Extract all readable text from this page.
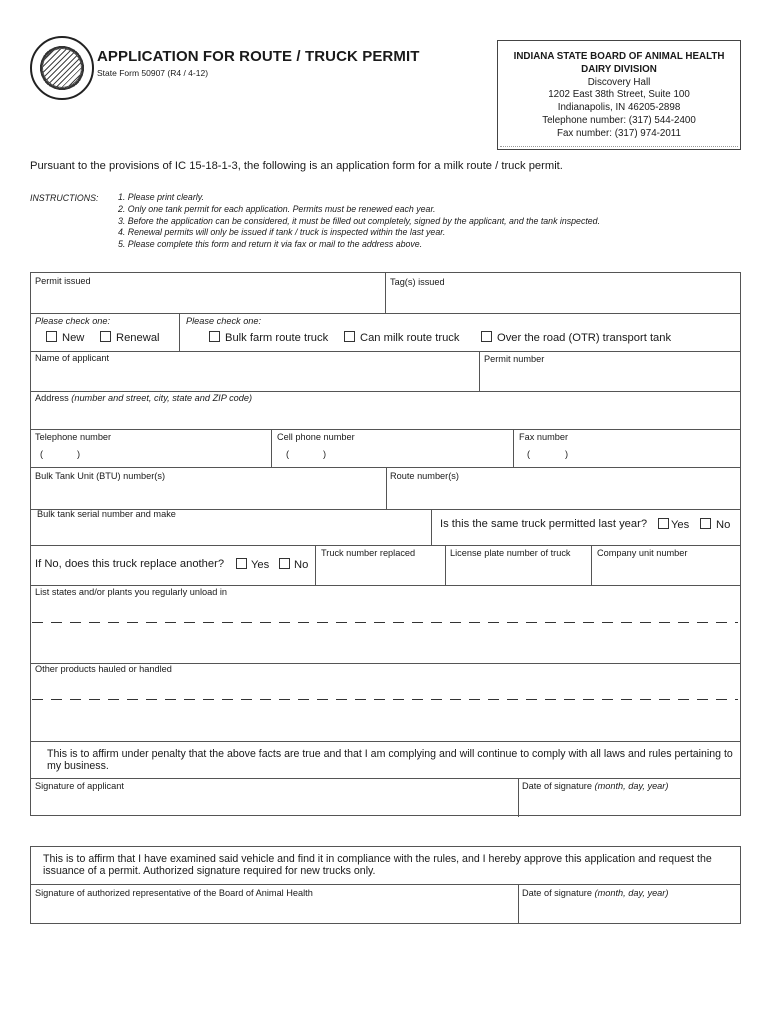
APPLICATION FOR ROUTE / TRUCK PERMIT
State Form 50907 (R4 / 4-12)
INDIANA STATE BOARD OF ANIMAL HEALTH
DAIRY DIVISION
Discovery Hall
1202 East 38th Street, Suite 100
Indianapolis, IN 46205-2898
Telephone number: (317) 544-2400
Fax number: (317) 974-2011
Pursuant to the provisions of IC 15-18-1-3, the following is an application form for a milk route / truck permit.
INSTRUCTIONS: 1. Please print clearly.
2. Only one tank permit for each application. Permits must be renewed each year.
3. Before the application can be considered, it must be filled out completely, signed by the applicant, and the tank inspected.
4. Renewal permits will only be issued if tank / truck is inspected within the last year.
5. Please complete this form and return it via fax or mail to the address above.
Permit issued	Tag(s) issued
Please check one:	Please check one:
New	Renewal	Bulk farm route truck	Can milk route truck	Over the road (OTR) transport tank
Name of applicant	Permit number
Address (number and street, city, state and ZIP code)
Telephone number	Cell phone number	Fax number
(	)	(	)	(	)
Bulk Tank Unit (BTU) number(s)	Route number(s)
Bulk tank serial number and make
Is this the same truck permitted last year?	Yes	No
If No, does this truck replace another?	Yes	No
Truck number replaced	License plate number of truck	Company unit number
List states and/or plants you regularly unload in
Other products hauled or handled
This is to affirm under penalty that the above facts are true and that I am complying and will continue to comply with all laws and rules pertaining to my business.
Signature of applicant	Date of signature (month, day, year)
This is to affirm that I have examined said vehicle and find it in compliance with the rules, and I hereby approve this application and request the issuance of a permit. Authorized signature required for new trucks only.
Signature of authorized representative of the Board of Animal Health	Date of signature (month, day, year)
